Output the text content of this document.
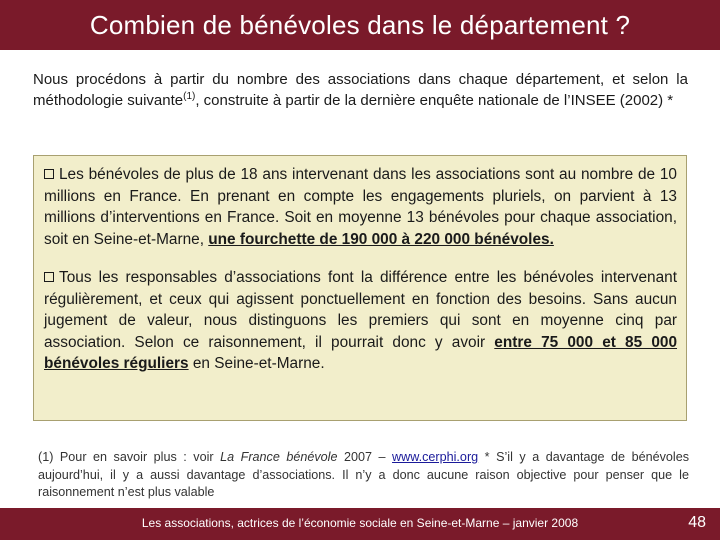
Combien de bénévoles dans le département ?
Nous procédons à partir du nombre des associations dans chaque département, et selon la méthodologie suivante$^{(1)}$, construite à partir de la dernière enquête nationale de l’INSEE (2002) *

Les bénévoles de plus de 18 ans intervenant dans les associations sont au nombre de 10 millions en France. En prenant en compte les engagements pluriels, on parvient à 13 millions d’interventions en France. Soit en moyenne 13 bénévoles pour chaque association, soit en Seine-et-Marne, une fourchette de 190 000 à 220 000 bénévoles.

Tous les responsables d’associations font la différence entre les bénévoles intervenant régulièrement, et ceux qui agissent ponctuellement en fonction des besoins. Sans aucun jugement de valeur, nous distinguons les premiers qui sont en moyenne cinq par association. Selon ce raisonnement, il pourrait donc y avoir entre 75 000 et 85 000 bénévoles réguliers en Seine-et-Marne.

(1) Pour en savoir plus : voir La France bénévole 2007 – www.cerphi.org * S’il y a davantage de bénévoles aujourd’hui, il y a aussi davantage d’associations. Il n’y a donc aucune raison objective pour penser que le raisonnement n’est plus valable
Les associations, actrices de l’économie sociale en Seine-et-Marne – janvier 2008	48
